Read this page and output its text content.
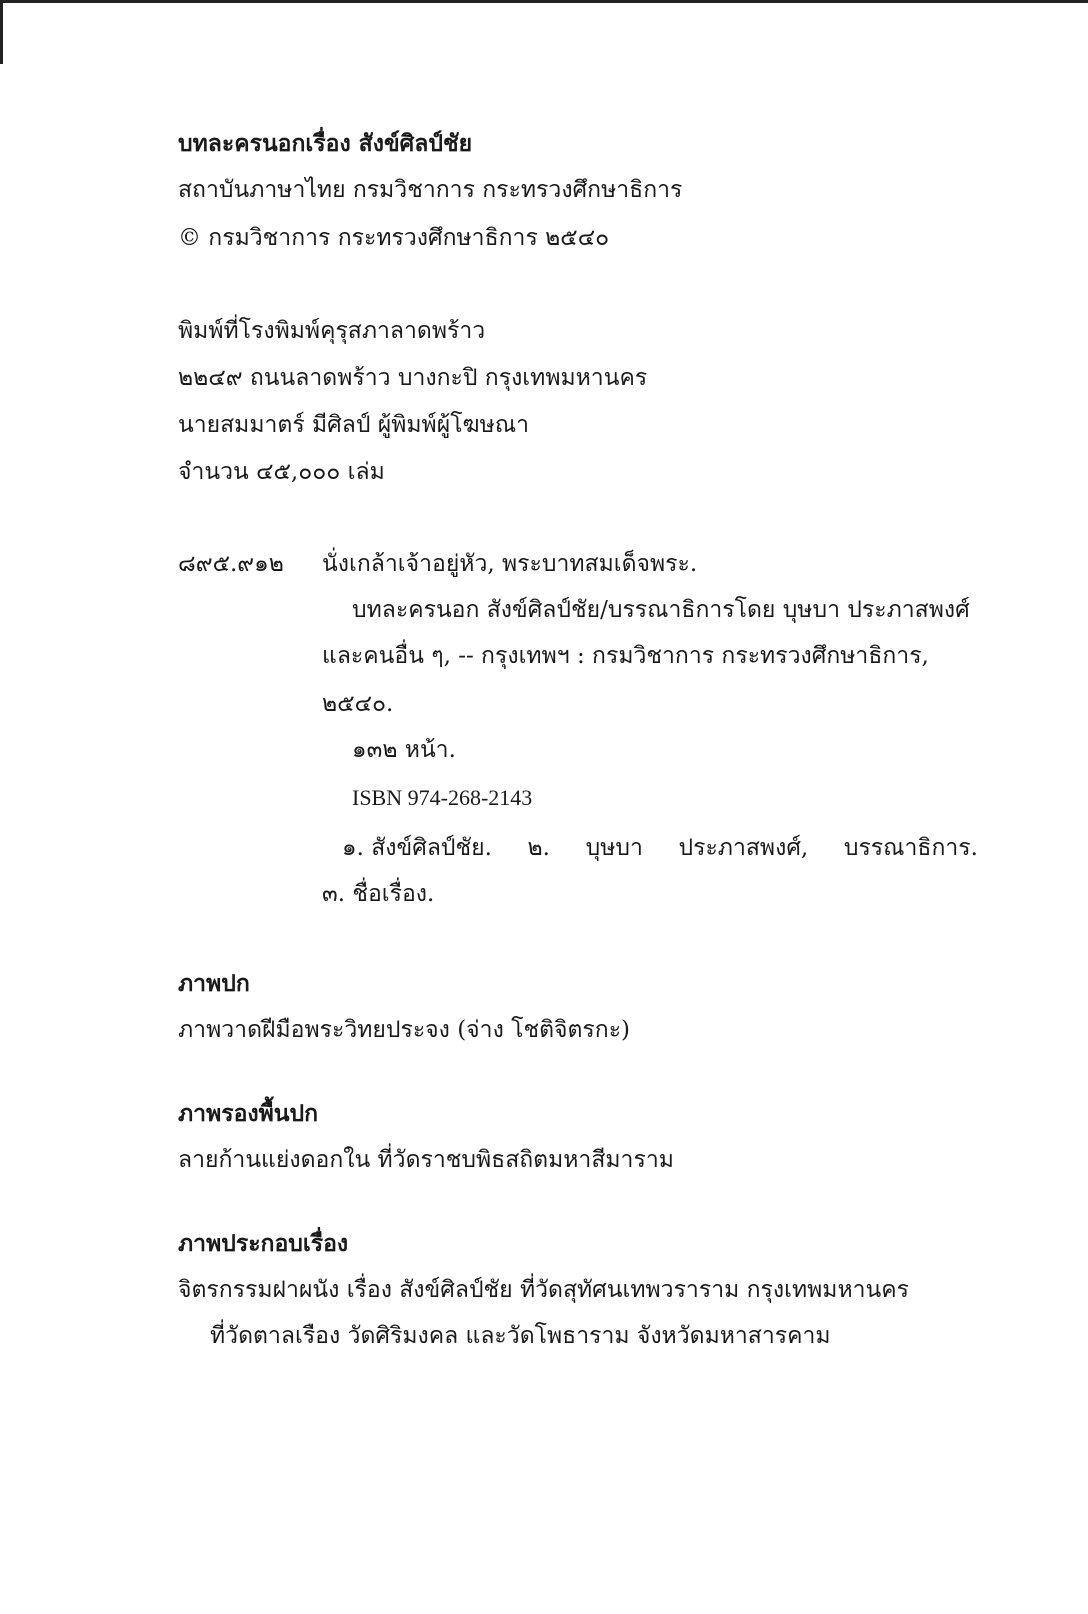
บทละครนอกเรื่อง สังข์ศิลป์ชัย
สถาบันภาษาไทย กรมวิชาการ กระทรวงศึกษาธิการ
© กรมวิชาการ กระทรวงศึกษาธิการ ๒๕๔๐
พิมพ์ที่โรงพิมพ์คุรุสภาลาดพร้าว
๒๒๔๙ ถนนลาดพร้าว บางกะปิ กรุงเทพมหานคร
นายสมมาตร์ มีศิลป์ ผู้พิมพ์ผู้โฆษณา
จำนวน ๔๕,๐๐๐ เล่ม
๘๙๕.๙๑๒ นั่งเกล้าเจ้าอยู่หัว, พระบาทสมเด็จพระ.
บทละครนอก สังข์ศิลป์ชัย/บรรณาธิการโดย บุษบา ประภาสพงศ์
และคนอื่น ๆ, -- กรุงเทพฯ : กรมวิชาการ กระทรวงศึกษาธิการ,
๒๕๔๐.
๑๓๒ หน้า.
ISBN 974-268-2143
๑. สังข์ศิลป์ชัย. ๒. บุษบา ประภาสพงศ์, บรรณาธิการ.
๓. ชื่อเรื่อง.
ภาพปก
ภาพวาดฝีมือพระวิทยประจง (จ่าง โชติจิตรกะ)
ภาพรองพื้นปก
ลายก้านแย่งดอกใน ที่วัดราชบพิธสถิตมหาสีมาราม
ภาพประกอบเรื่อง
จิตรกรรมฝาผนัง เรื่อง สังข์ศิลป์ชัย ที่วัดสุทัศนเทพวราราม กรุงเทพมหานคร
ที่วัดตาลเรือง วัดศิริมงคล และวัดโพธาราม จังหวัดมหาสารคาม
